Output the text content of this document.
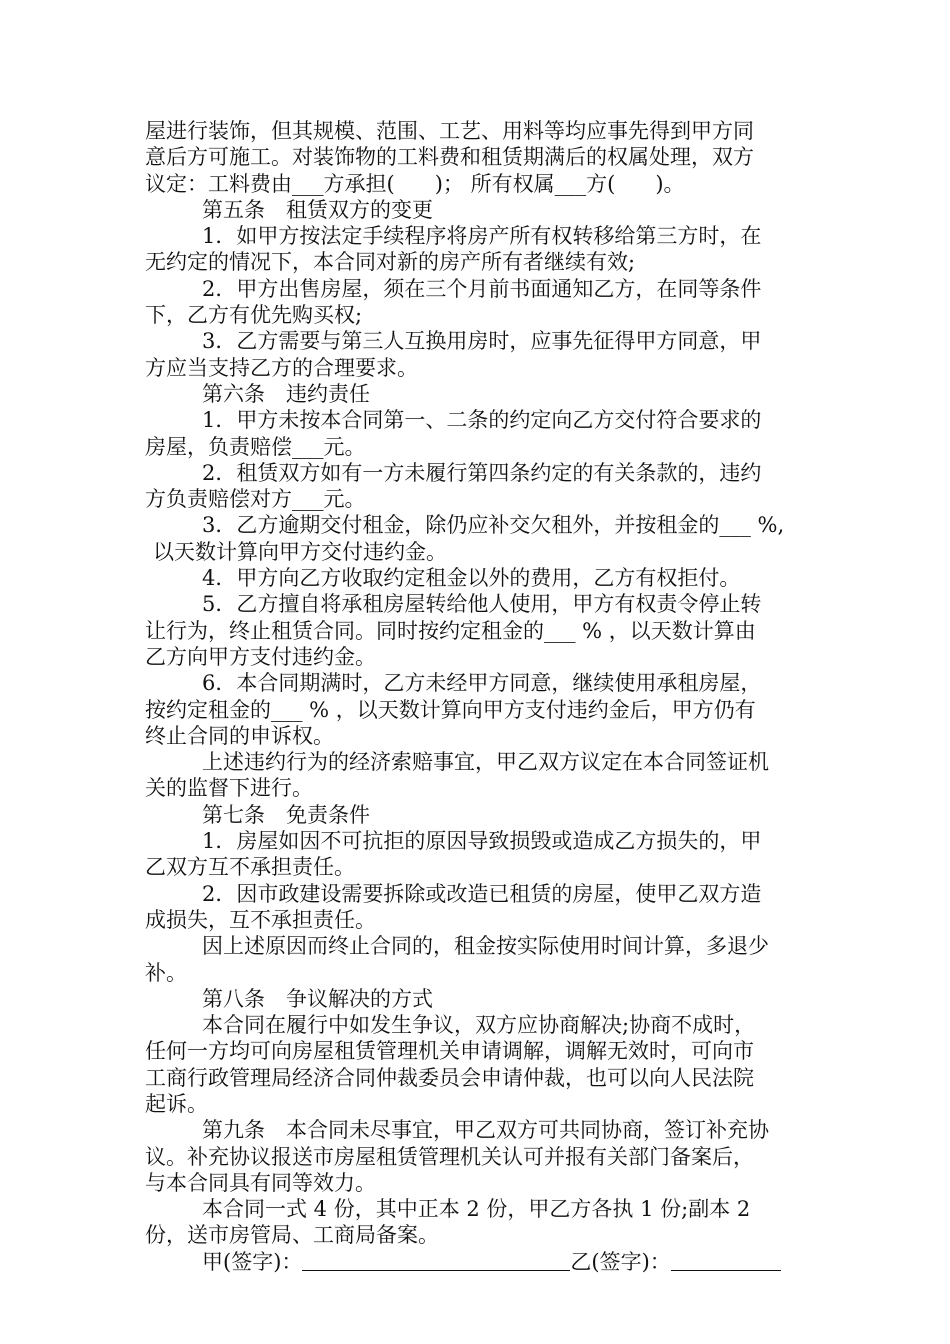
屋进行装饰，但其规模、范围、工艺、用料等均应事先得到甲方同
意后方可施工。对装饰物的工料费和租赁期满后的权属处理，双方
议定：工料费由___方承担(      )； 所有权属___方(      )。
第五条　租赁双方的变更
1．如甲方按法定手续程序将房产所有权转移给第三方时，在
无约定的情况下，本合同对新的房产所有者继续有效;
2．甲方出售房屋，须在三个月前书面通知乙方，在同等条件
下，乙方有优先购买权;
3．乙方需要与第三人互换用房时，应事先征得甲方同意，甲
方应当支持乙方的合理要求。
第六条　违约责任
1．甲方未按本合同第一、二条的约定向乙方交付符合要求的
房屋，负责赔偿___元。
2．租赁双方如有一方未履行第四条约定的有关条款的，违约
方负责赔偿对方___元。
3．乙方逾期交付租金，除仍应补交欠租外，并按租金的___ %,
以天数计算向甲方交付违约金。
4．甲方向乙方收取约定租金以外的费用，乙方有权拒付。
5．乙方擅自将承租房屋转给他人使用，甲方有权责令停止转
让行为，终止租赁合同。同时按约定租金的___ % ，以天数计算由
乙方向甲方支付违约金。
6．本合同期满时，乙方未经甲方同意，继续使用承租房屋，
按约定租金的___ % ，以天数计算向甲方支付违约金后，甲方仍有
终止合同的申诉权。
上述违约行为的经济索赔事宜，甲乙双方议定在本合同签证机
关的监督下进行。
第七条　免责条件
1．房屋如因不可抗拒的原因导致损毁或造成乙方损失的，甲
乙双方互不承担责任。
2．因市政建设需要拆除或改造已租赁的房屋，使甲乙双方造
成损失，互不承担责任。
因上述原因而终止合同的，租金按实际使用时间计算，多退少
补。
第八条　争议解决的方式
本合同在履行中如发生争议，双方应协商解决;协商不成时，
任何一方均可向房屋租赁管理机关申请调解，调解无效时，可向市
工商行政管理局经济合同仲裁委员会申请仲裁，也可以向人民法院
起诉。
第九条　本合同未尽事宜，甲乙双方可共同协商，签订补充协
议。补充协议报送市房屋租赁管理机关认可并报有关部门备案后，
与本合同具有同等效力。
本合同一式 4 份，其中正本 2 份，甲乙方各执 1 份;副本 2
份，送市房管局、工商局备案。
甲(签字)：	乙(签字)：
